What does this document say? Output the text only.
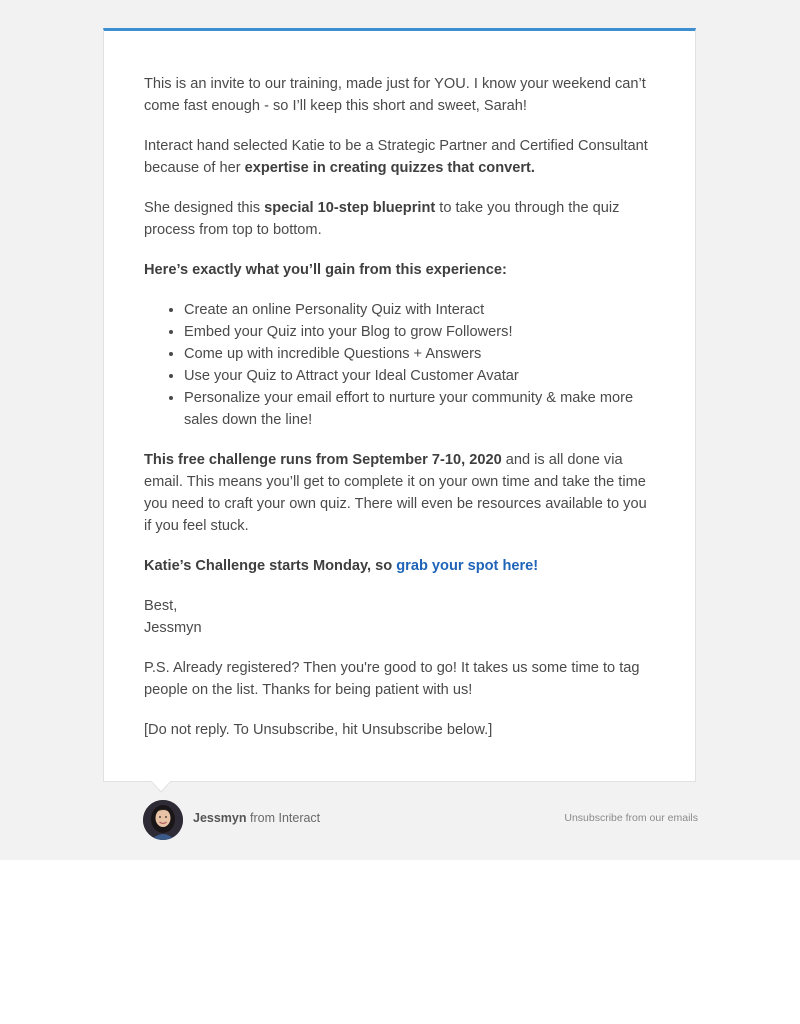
This is an invite to our training, made just for YOU. I know your weekend can’t come fast enough - so I’ll keep this short and sweet, Sarah!

Interact hand selected Katie to be a Strategic Partner and Certified Consultant because of her expertise in creating quizzes that convert.

She designed this special 10-step blueprint to take you through the quiz process from top to bottom.

Here’s exactly what you’ll gain from this experience:

• Create an online Personality Quiz with Interact
• Embed your Quiz into your Blog to grow Followers!
• Come up with incredible Questions + Answers
• Use your Quiz to Attract your Ideal Customer Avatar
• Personalize your email effort to nurture your community & make more sales down the line!

This free challenge runs from September 7-10, 2020 and is all done via email. This means you’ll get to complete it on your own time and take the time you need to craft your own quiz. There will even be resources available to you if you feel stuck.

Katie’s Challenge starts Monday, so grab your spot here!

Best,
Jessmyn

P.S. Already registered? Then you're good to go! It takes us some time to tag people on the list. Thanks for being patient with us!

[Do not reply. To Unsubscribe, hit Unsubscribe below.]

Jessmyn from Interact	Unsubscribe from our emails
